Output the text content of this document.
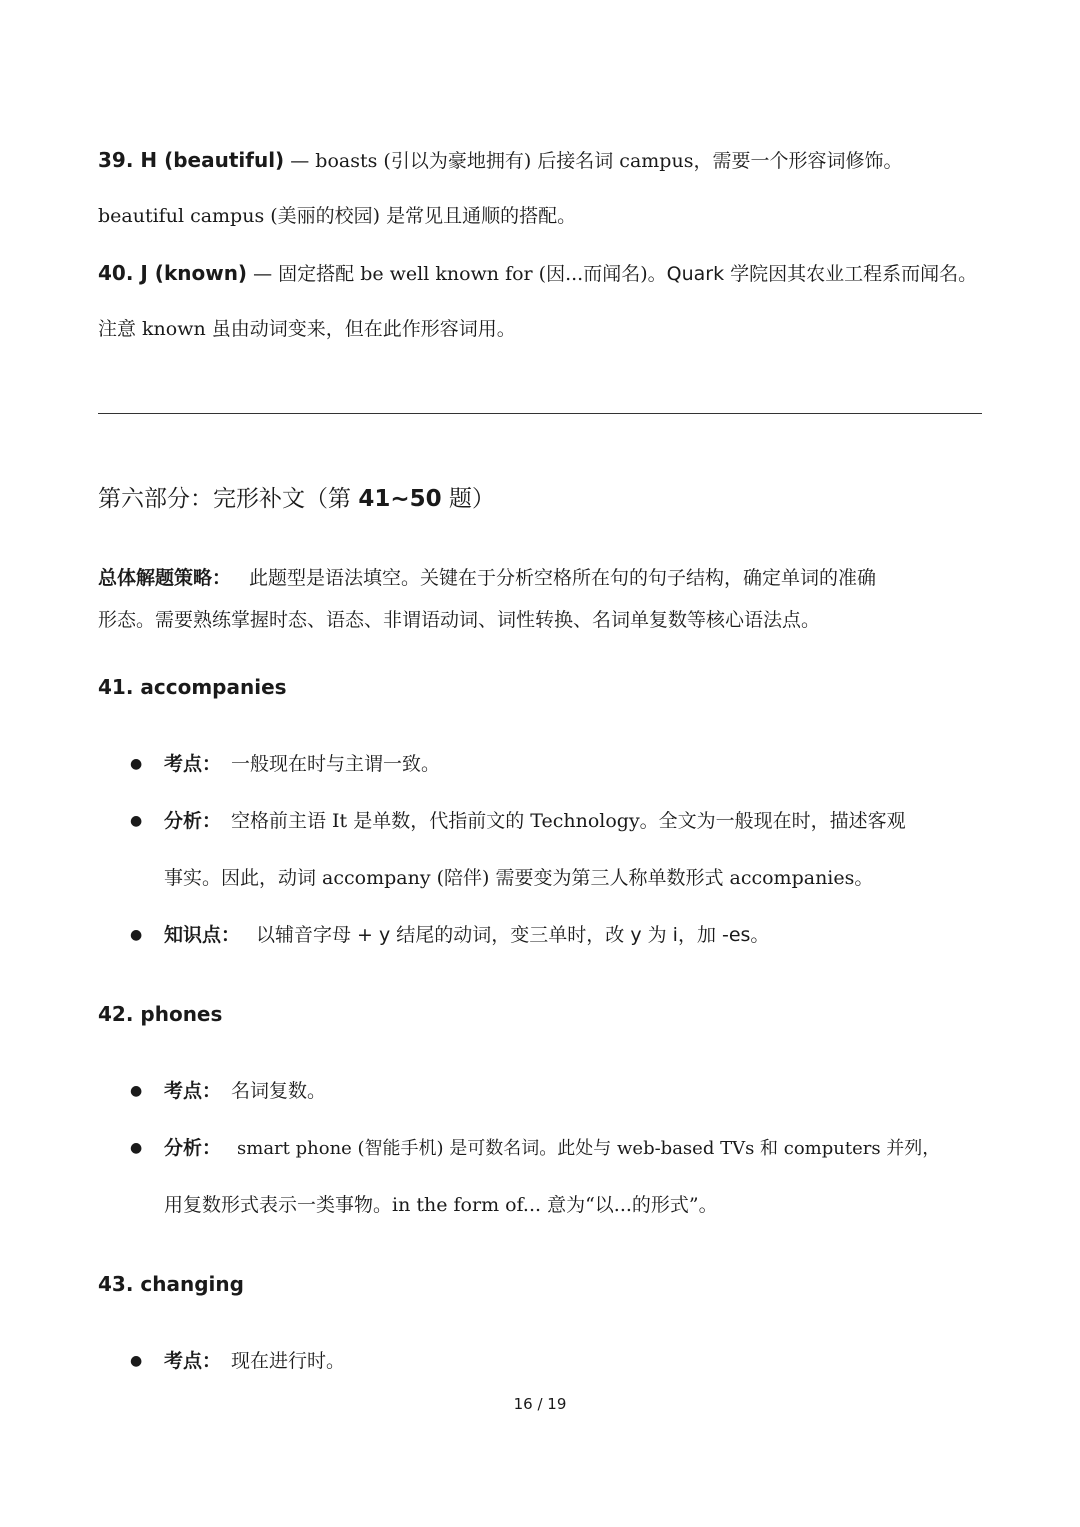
39. H (beautiful) — boasts (引以为豪地拥有) 后接名词 campus，需要一个形容词修饰。
beautiful campus (美丽的校园) 是常见且通顺的搭配。
40. J (known) — 固定搭配 be well known for (因...而闻名)。Quark 学院因其农业工程系而闻名。
注意 known 虽由动词变来，但在此作形容词用。
第六部分：完形补文（第 41~50 题）
总体解题策略： 此题型是语法填空。关键在于分析空格所在句的句子结构，确定单词的准确
形态。需要熟练掌握时态、语态、非谓语动词、词性转换、名词单复数等核心语法点。
41. accompanies
● 考点： 一般现在时与主谓一致。
● 分析： 空格前主语 It 是单数，代指前文的 Technology。全文为一般现在时，描述客观
事实。因此，动词 accompany (陪伴) 需要变为第三人称单数形式 accompanies。
● 知识点： 以辅音字母 + y 结尾的动词，变三单时，改 y 为 i，加 -es。
42. phones
● 考点： 名词复数。
● 分析： smart phone (智能手机) 是可数名词。此处与 web-based TVs 和 computers 并列，
用复数形式表示一类事物。in the form of... 意为“以...的形式”。
43. changing
● 考点： 现在进行时。
16 / 19
